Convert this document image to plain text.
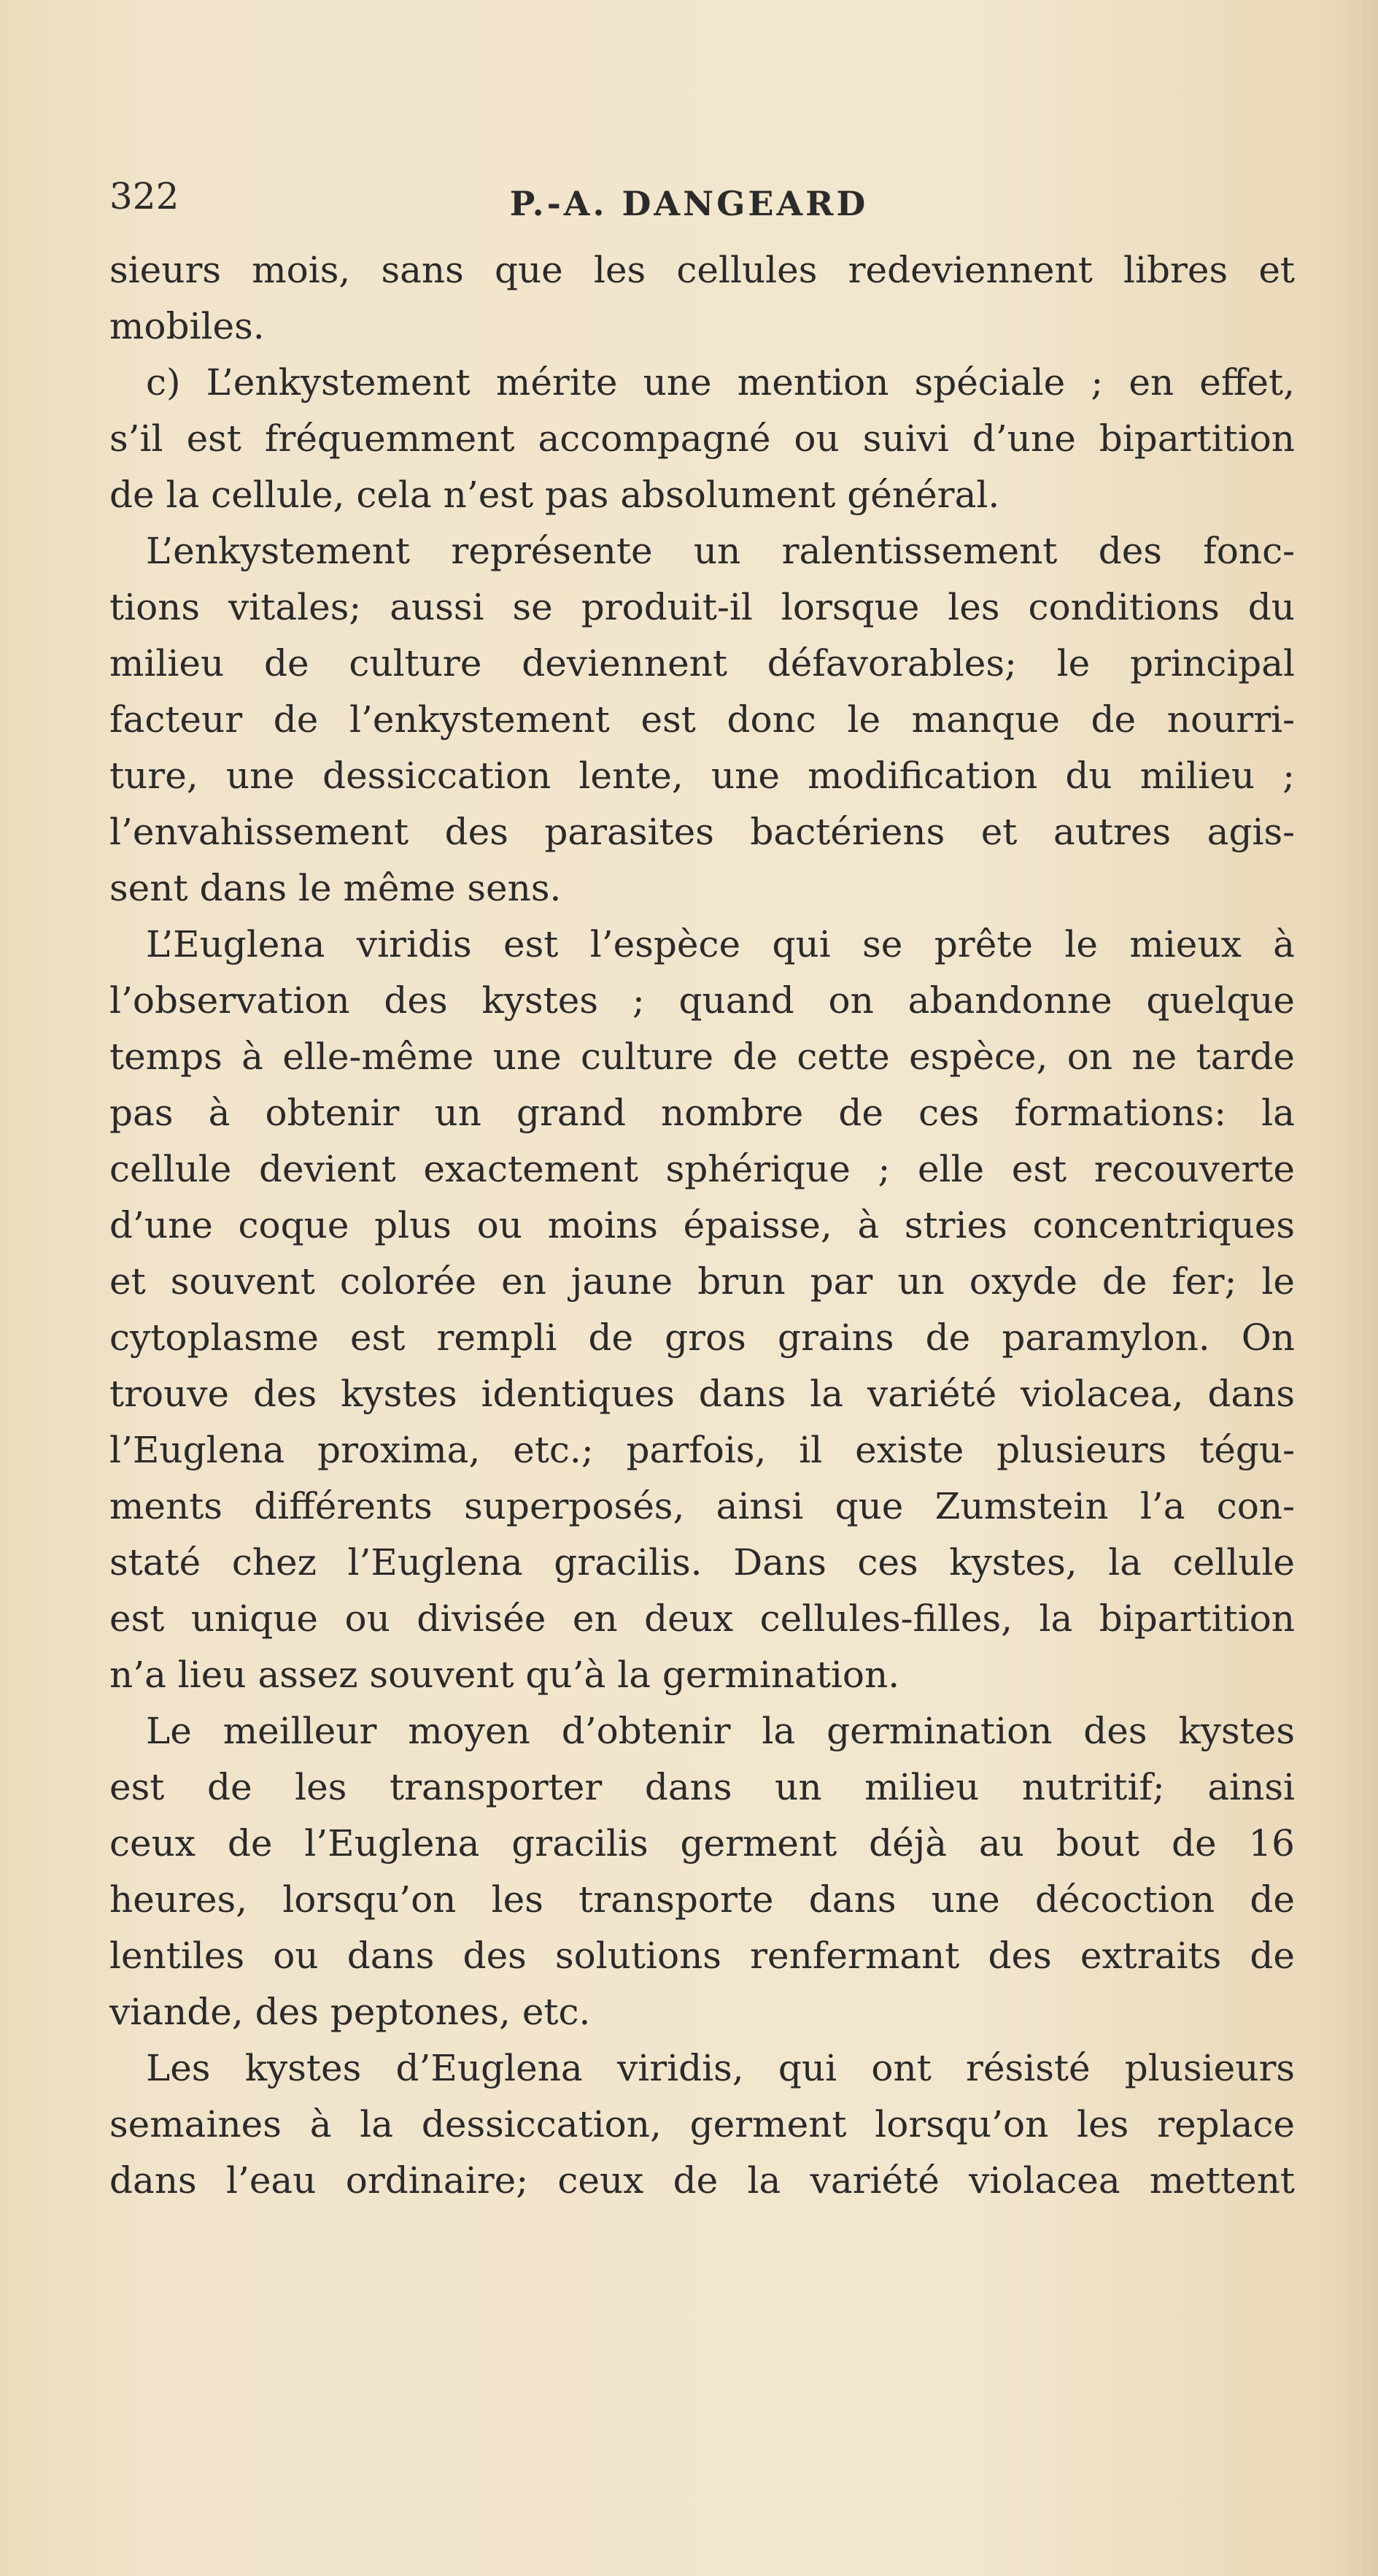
322	P.-A. DANGEARD
sieurs mois, sans que les cellules redeviennent libres et
mobiles.
c) L’enkystement mérite une mention spéciale ; en effet,
s’il est fréquemment accompagné ou suivi d’une bipartition
de la cellule, cela n’est pas absolument général.
L’enkystement représente un ralentissement des fonc-
tions vitales; aussi se produit-il lorsque les conditions du
milieu de culture deviennent défavorables; le principal
facteur de l’enkystement est donc le manque de nourri-
ture, une dessiccation lente, une modification du milieu ;
l’envahissement des parasites bactériens et autres agis-
sent dans le même sens.
L’Euglena viridis est l’espèce qui se prête le mieux à
l’observation des kystes ; quand on abandonne quelque
temps à elle-même une culture de cette espèce, on ne tarde
pas à obtenir un grand nombre de ces formations: la
cellule devient exactement sphérique ; elle est recouverte
d’une coque plus ou moins épaisse, à stries concentriques
et souvent colorée en jaune brun par un oxyde de fer; le
cytoplasme est rempli de gros grains de paramylon. On
trouve des kystes identiques dans la variété violacea, dans
l’Euglena proxima, etc.; parfois, il existe plusieurs tégu-
ments différents superposés, ainsi que Zumstein l’a con-
staté chez l’Euglena gracilis. Dans ces kystes, la cellule
est unique ou divisée en deux cellules-filles, la bipartition
n’a lieu assez souvent qu’à la germination.
Le meilleur moyen d’obtenir la germination des kystes
est de les transporter dans un milieu nutritif; ainsi
ceux de l’Euglena gracilis germent déjà au bout de 16
heures, lorsqu’on les transporte dans une décoction de
lentiles ou dans des solutions renfermant des extraits de
viande, des peptones, etc.
Les kystes d’Euglena viridis, qui ont résisté plusieurs
semaines à la dessiccation, germent lorsqu’on les replace
dans l’eau ordinaire; ceux de la variété violacea mettent
